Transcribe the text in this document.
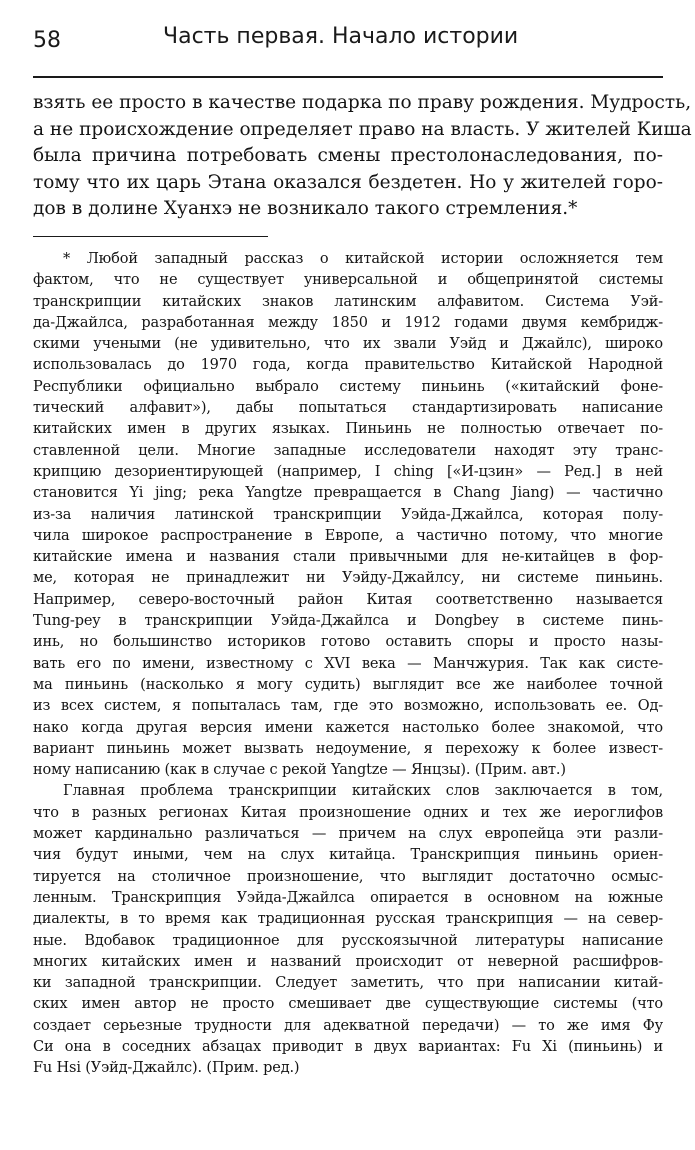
58	Часть первая. Начало истории
взять ее просто в качестве подарка по праву рождения. Мудрость,
а не происхождение определяет право на власть. У жителей Киша
была причина потребовать смены престолонаследования, по-
тому что их царь Этана оказался бездетен. Но у жителей горо-
дов в долине Хуанхэ не возникало такого стремления.*
* Любой западный рассказ о китайской истории осложняется тем
фактом, что не существует универсальной и общепринятой системы
транскрипции китайских знаков латинским алфавитом. Система Уэй-
да-Джайлса, разработанная между 1850 и 1912 годами двумя кембридж-
скими учеными (не удивительно, что их звали Уэйд и Джайлс), широко
использовалась до 1970 года, когда правительство Китайской Народной
Республики официально выбрало систему пиньинь («китайский фоне-
тический алфавит»), дабы попытаться стандартизировать написание
китайских имен в других языках. Пиньинь не полностью отвечает по-
ставленной цели. Многие западные исследователи находят эту транс-
крипцию дезориентирующей (например, I ching [«И-цзин» — Ред.] в ней
становится Yi jing; река Yangtze превращается в Chang Jiang) — частично
из-за наличия латинской транскрипции Уэйда-Джайлса, которая полу-
чила широкое распространение в Европе, а частично потому, что многие
китайские имена и названия стали привычными для не-китайцев в фор-
ме, которая не принадлежит ни Уэйду-Джайлсу, ни системе пиньинь.
Например, северо-восточный район Китая соответственно называется
Tung-pey в транскрипции Уэйда-Джайлса и Dongbey в системе пинь-
инь, но большинство историков готово оставить споры и просто назы-
вать его по имени, известному с XVI века — Манчжурия. Так как систе-
ма пиньинь (насколько я могу судить) выглядит все же наиболее точной
из всех систем, я попыталась там, где это возможно, использовать ее. Од-
нако когда другая версия имени кажется настолько более знакомой, что
вариант пиньинь может вызвать недоумение, я перехожу к более извест-
ному написанию (как в случае с рекой Yangtze — Янцзы). (Прим. авт.)
Главная проблема транскрипции китайских слов заключается в том,
что в разных регионах Китая произношение одних и тех же иероглифов
может кардинально различаться — причем на слух европейца эти разли-
чия будут иными, чем на слух китайца. Транскрипция пиньинь ориен-
тируется на столичное произношение, что выглядит достаточно осмыс-
ленным. Транскрипция Уэйда-Джайлса опирается в основном на южные
диалекты, в то время как традиционная русская транскрипция — на север-
ные. Вдобавок традиционное для русскоязычной литературы написание
многих китайских имен и названий происходит от неверной расшифров-
ки западной транскрипции. Следует заметить, что при написании китай-
ских имен автор не просто смешивает две существующие системы (что
создает серьезные трудности для адекватной передачи) — то же имя Фу
Си она в соседних абзацах приводит в двух вариантах: Fu Xi (пиньинь) и
Fu Hsi (Уэйд-Джайлс). (Прим. ред.)
